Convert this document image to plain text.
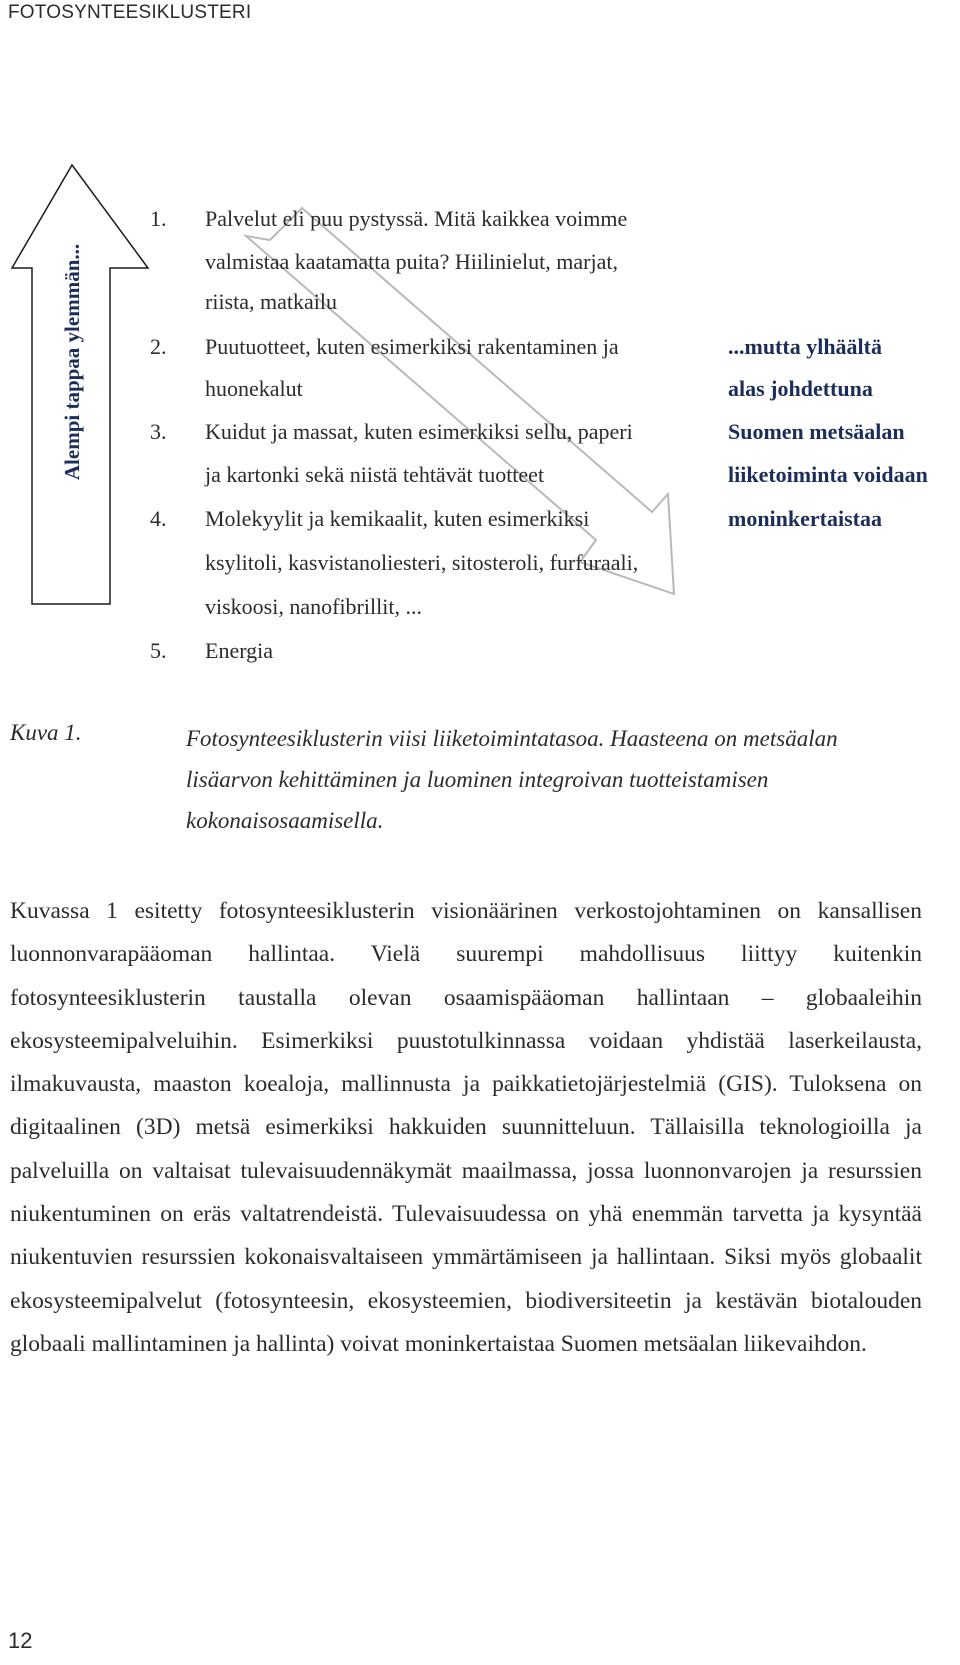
FOTOSYNTEESIKLUSTERI
Alempi tappaa ylemmän...
1. Palvelut eli puu pystyssä. Mitä kaikkea voimme
valmistaa kaatamatta puita? Hiilinielut, marjat,
riista, matkailu
2. Puutuotteet, kuten esimerkiksi rakentaminen ja
huonekalut
3. Kuidut ja massat, kuten esimerkiksi sellu, paperi
ja kartonki sekä niistä tehtävät tuotteet
4. Molekyylit ja kemikaalit, kuten esimerkiksi
ksylitoli, kasvistanoliesteri, sitosteroli, furfuraali,
viskoosi, nanofibrillit, ...
5. Energia
...mutta ylhäältä
alas johdettuna
Suomen metsäalan
liiketoiminta voidaan
moninkertaistaa
Kuva 1.	Fotosynteesiklusterin viisi liiketoimintatasoa. Haasteena on metsäalan lisäarvon kehittäminen ja luominen integroivan tuotteistamisen kokonaisosaamisella.
Kuvassa 1 esitetty fotosynteesiklusterin visionäärinen verkostojohtaminen on kansallisen luonnonvarapääoman hallintaa. Vielä suurempi mahdollisuus liittyy kuitenkin fotosynteesiklusterin taustalla olevan osaamispääoman hallintaan – globaaleihin ekosysteemipalveluihin. Esimerkiksi puustotulkinnassa voidaan yhdistää laserkeilausta, ilmakuvausta, maaston koealoja, mallinnusta ja paikkatietojärjestelmiä (GIS). Tuloksena on digitaalinen (3D) metsä esimerkiksi hakkuiden suunnitteluun. Tällaisilla teknologioilla ja palveluilla on valtaisat tulevaisuudennäkymät maailmassa, jossa luonnonvarojen ja resurssien niukentuminen on eräs valtatrendeistä. Tulevaisuudessa on yhä enemmän tarvetta ja kysyntää niukentuvien resurssien kokonaisvaltaiseen ymmärtämiseen ja hallintaan. Siksi myös globaalit ekosysteemipalvelut (fotosynteesin, ekosysteemien, biodiversiteetin ja kestävän biotalouden globaali mallintaminen ja hallinta) voivat moninkertaistaa Suomen metsäalan liikevaihdon.
12
